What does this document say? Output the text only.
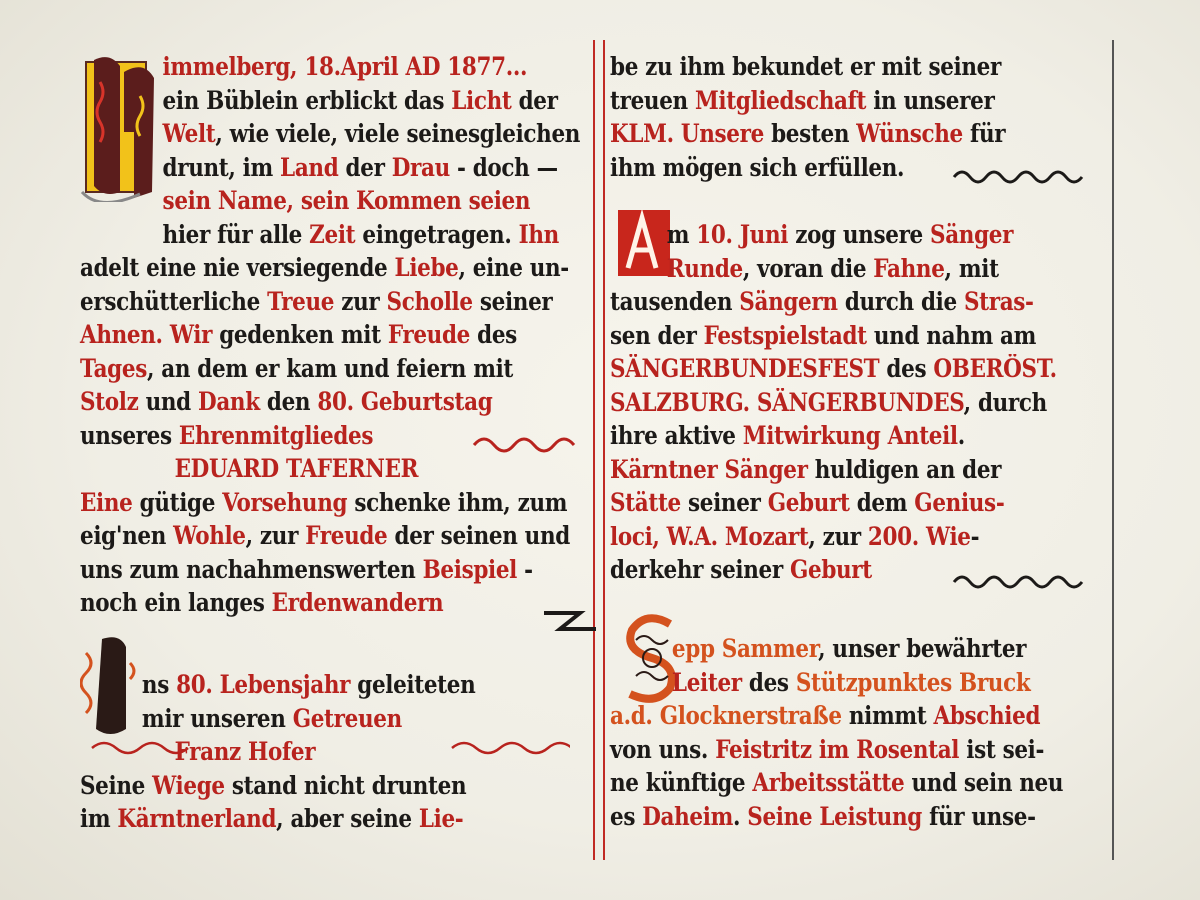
immelberg, 18.April AD 1877...
ein Büblein erblickt das Licht der
Welt, wie viele, viele seinesgleichen
drunt, im Land der Drau - doch —
sein Name, sein Kommen seien
hier für alle Zeit eingetragen. Ihn
adelt eine nie versiegende Liebe, eine un-
erschütterliche Treue zur Scholle seiner
Ahnen. Wir gedenken mit Freude des
Tages, an dem er kam und feiern mit
Stolz und Dank den 80. Geburtstag
unseres Ehrenmitgliedes
EDUARD TAFERNER
Eine gütige Vorsehung schenke ihm, zum
eig'nen Wohle, zur Freude der seinen und
uns zum nachahmenswerten Beispiel -
noch ein langes Erdenwandern
ns 80. Lebensjahr geleiteten
mir unseren Getreuen
Franz Hofer
Seine Wiege stand nicht drunten
im Kärntnerland, aber seine Lie-
be zu ihm bekundet er mit seiner
treuen Mitgliedschaft in unserer
KLM. Unsere besten Wünsche für
ihm mögen sich erfüllen.
m 10. Juni zog unsere Sänger
Runde, voran die Fahne, mit
tausenden Sängern durch die Stras-
sen der Festspielstadt und nahm am
SÄNGERBUNDESFEST des OBERÖST.
SALZBURG. SÄNGERBUNDES, durch
ihre aktive Mitwirkung Anteil.
Kärntner Sänger huldigen an der
Stätte seiner Geburt dem Genius-
loci, W.A. Mozart, zur 200. Wie-
derkehr seiner Geburt
epp Sammer, unser bewährter
Leiter des Stützpunktes Bruck
a.d. Glocknerstraße nimmt Abschied
von uns. Feistritz im Rosental ist sei-
ne künftige Arbeitsstätte und sein neu
es Daheim. Seine Leistung für unse-
